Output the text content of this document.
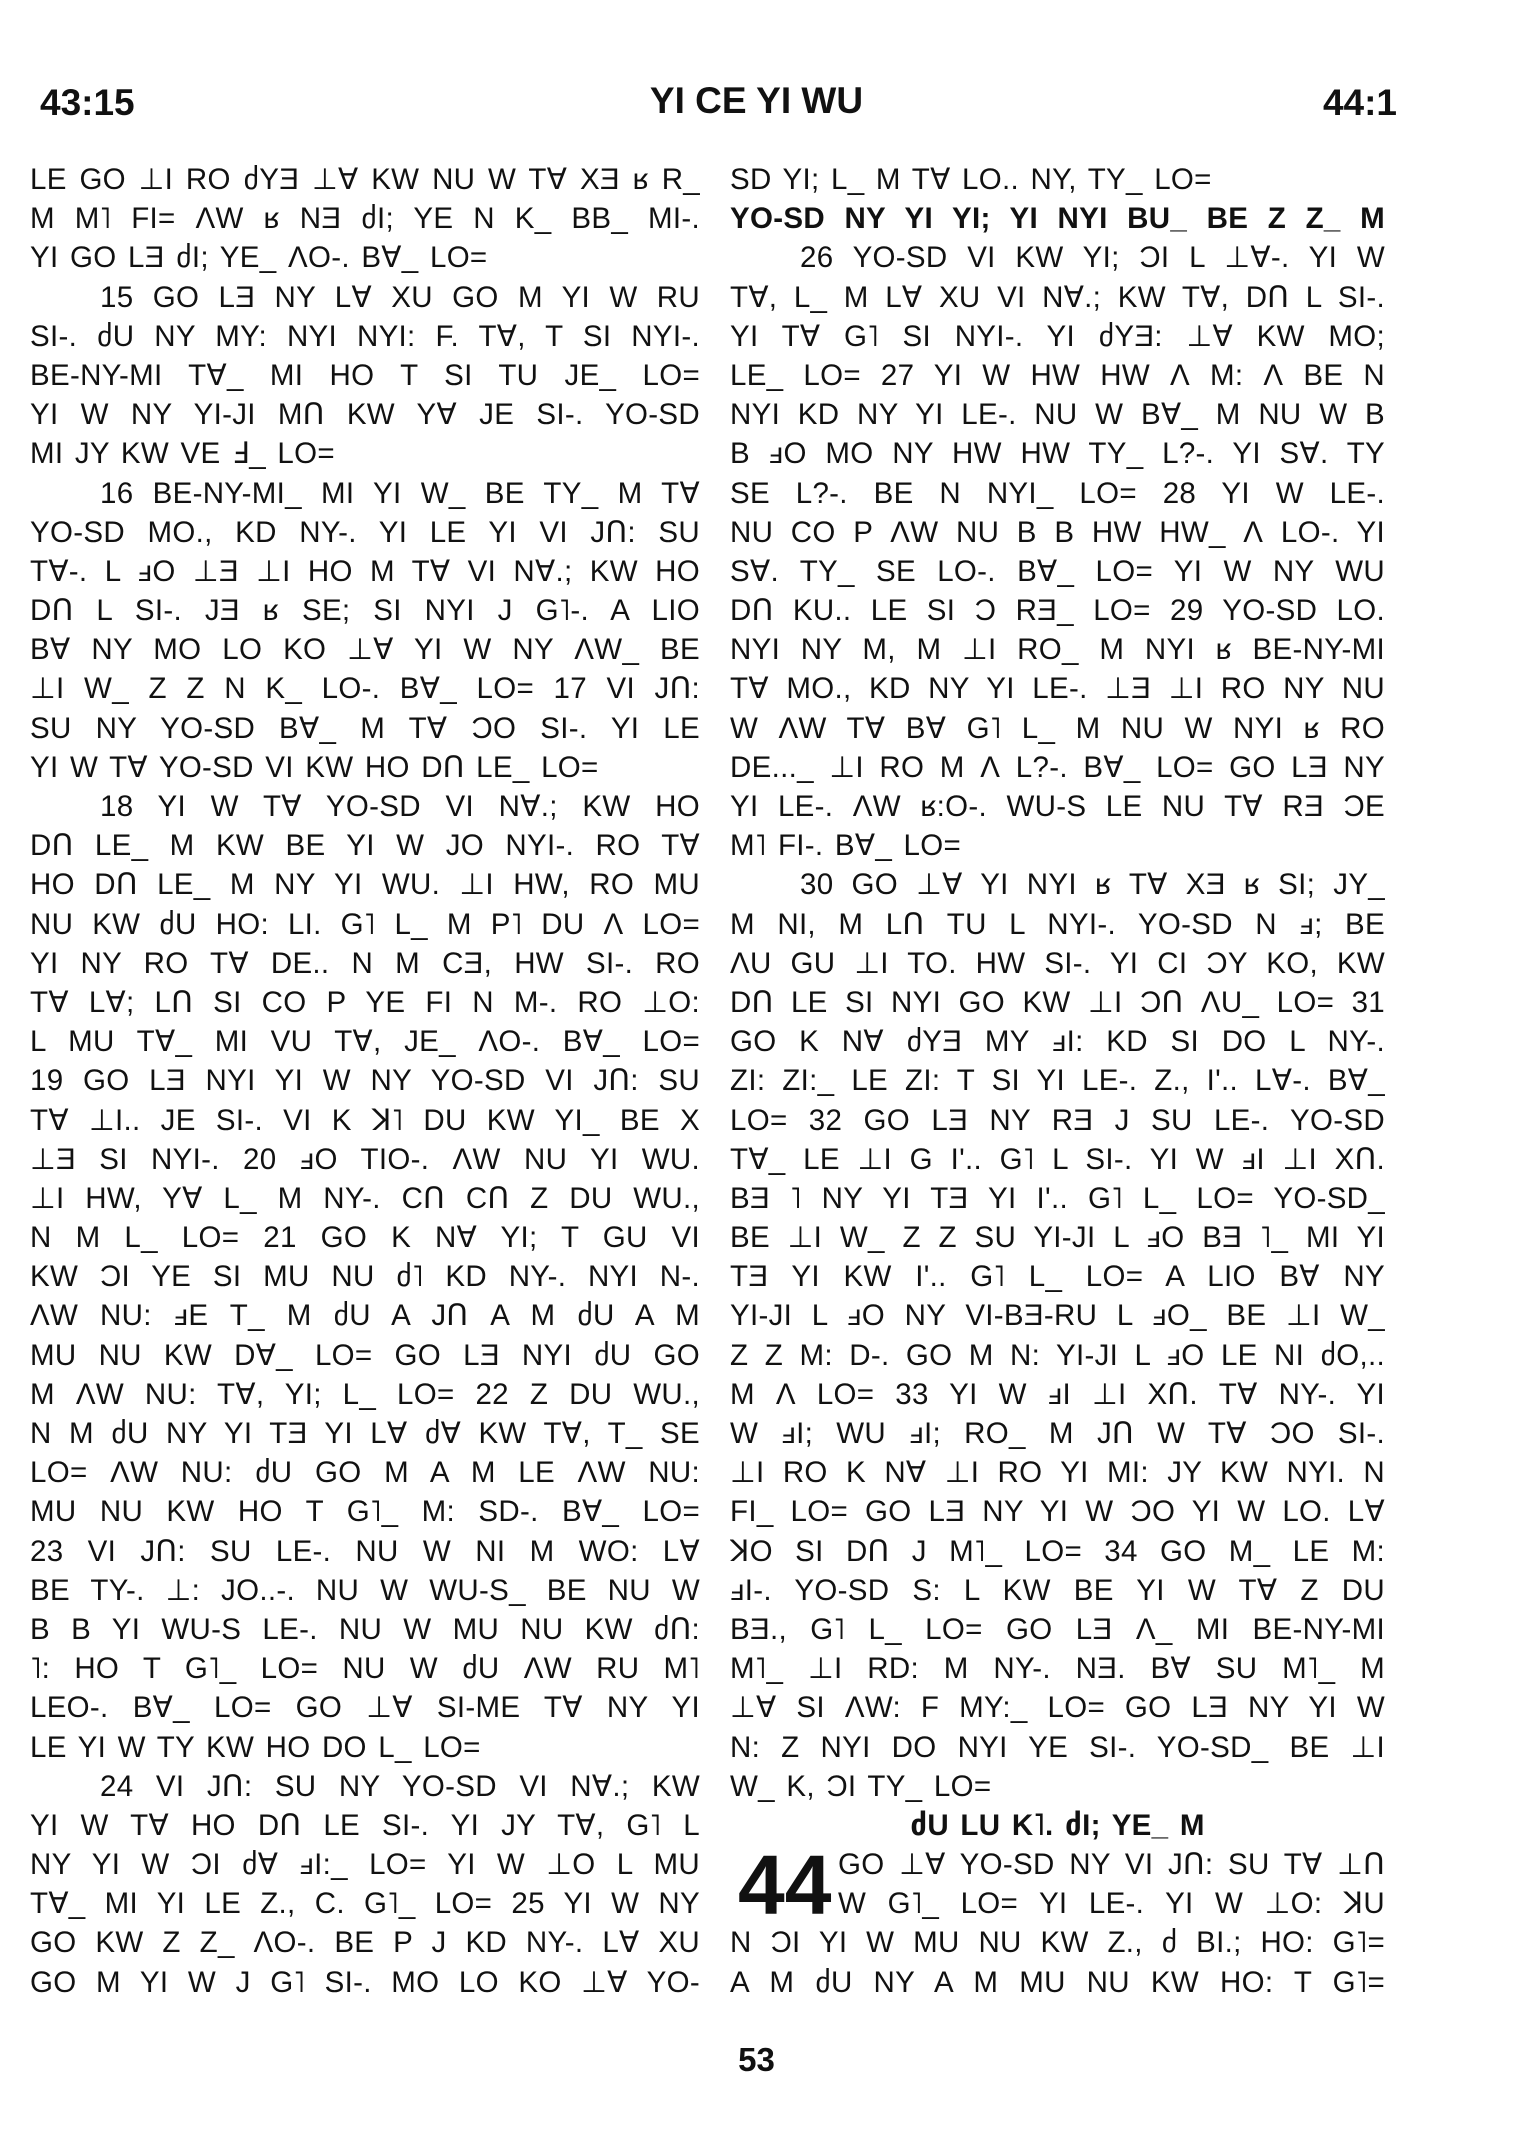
43:15	YI CE YI WU	44:1
LE GO ⊥I RO ძYƎ ⊥Ɐ KW NU W TⱯ XƎ ʁ R_
M M˥ FI= ɅW ʁ NƎ ძI; YE N K_ BB_ MI-.
YI GO LƎ ძI; YE_ ɅO-. BⱯ_ LO=
15 GO LƎ NY LⱯ XU GO M YI W RU
SI-. ძU NY MY: NYI NYI: F. TⱯ, T SI NYI-.
BE-NY-MI TⱯ_ MI HO T SI TU JE_ LO=
YI W NY YI-JI MՈ KW YⱯ JE SI-. YO-SD
MI JY KW VE Ⅎ_ LO=
16 BE-NY-MI_ MI YI W_ BE TY_ M TⱯ
YO-SD MO., KD NY-. YI LE YI VI JՈ: SU
TⱯ-. L ⅎO ⊥Ǝ ⊥I HO M TⱯ VI NⱯ.; KW HO
DՈ L SI-. JƎ ʁ SE; SI NYI J G˥-. A LIO
BⱯ NY MO LO KO ⊥Ɐ YI W NY ɅW_ BE
⊥I W_ Z Z N K_ LO-. BⱯ_ LO= 17 VI JՈ:
SU NY YO-SD BⱯ_ M TⱯ ƆO SI-. YI LE
YI W TⱯ YO-SD VI KW HO DՈ LE_ LO=
18 YI W TⱯ YO-SD VI NⱯ.; KW HO
DՈ LE_ M KW BE YI W JO NYI-. RO TⱯ
HO DՈ LE_ M NY YI WU. ⊥I HW, RO MU
NU KW ძU HO: LI. G˥ L_ M P˥ DU Ʌ LO=
YI NY RO TⱯ DE.. N M CƎ, HW SI-. RO
TⱯ LⱯ; LՈ SI CO P YE FI N M-. RO ⊥O:
L MU TⱯ_ MI VU TⱯ, JE_ ɅO-. BⱯ_ LO=
19 GO LƎ NYI YI W NY YO-SD VI JՈ: SU
TⱯ ⊥I.. JE SI-. VI K ꓘ˥ DU KW YI_ BE X
⊥Ǝ SI NYI-. 20 ⅎO TIO-. ɅW NU YI WU.
⊥I HW, YⱯ L_ M NY-. CՈ CՈ Z DU WU.,
N M L_ LO= 21 GO K NⱯ YI; T GU VI
KW ƆI YE SI MU NU ძ˥ KD NY-. NYI N-.
ɅW NU: ⅎE T_ M ძU A JՈ A M ძU A M
MU NU KW DⱯ_ LO= GO LƎ NYI ძU GO
M ɅW NU: TⱯ, YI; L_ LO= 22 Z DU WU.,
N M ძU NY YI TƎ YI LⱯ ძⱯ KW TⱯ, T_ SE
LO= ɅW NU: ძU GO M A M LE ɅW NU:
MU NU KW HO T G˥_ M: SD-. BⱯ_ LO=
23 VI JՈ: SU LE-. NU W NI M WO: LⱯ
BE TY-. ⊥: JO..-. NU W WU-S_ BE NU W
B B YI WU-S LE-. NU W MU NU KW ძՈ:
˥: HO T G˥_ LO= NU W ძU ɅW RU M˥
LEO-. BⱯ_ LO= GO ⊥Ɐ SI-ME TⱯ NY YI
LE YI W TY KW HO DO L_ LO=
24 VI JՈ: SU NY YO-SD VI NⱯ.; KW
YI W TⱯ HO DՈ LE SI-. YI JY TⱯ, G˥ L
NY YI W ƆI ძⱯ ⅎI:_ LO= YI W ⊥O L MU
TⱯ_ MI YI LE Z., C. G˥_ LO= 25 YI W NY
GO KW Z Z_ ɅO-. BE P J KD NY-. LⱯ XU
GO M YI W J G˥ SI-. MO LO KO ⊥Ɐ YO-
SD YI; L_ M TⱯ LO.. NY, TY_ LO=
YO-SD NY YI YI; YI NYI BU_ BE Z Z_ M
26 YO-SD VI KW YI; ƆI L ⊥Ɐ-. YI W
TⱯ, L_ M LⱯ XU VI NⱯ.; KW TⱯ, DՈ L SI-.
YI TⱯ G˥ SI NYI-. YI ძYƎ: ⊥Ɐ KW MO;
LE_ LO= 27 YI W HW HW Ʌ M: Ʌ BE N
NYI KD NY YI LE-. NU W BⱯ_ M NU W B
B ⅎO MO NY HW HW TY_ L?-. YI SⱯ. TY
SE L?-. BE N NYI_ LO= 28 YI W LE-.
NU CO P ɅW NU B B HW HW_ Ʌ LO-. YI
SⱯ. TY_ SE LO-. BⱯ_ LO= YI W NY WU
DՈ KU.. LE SI Ɔ RƎ_ LO= 29 YO-SD LO.
NYI NY M, M ⊥I RO_ M NYI ʁ BE-NY-MI
TⱯ MO., KD NY YI LE-. ⊥Ǝ ⊥I RO NY NU
W ɅW TⱯ BⱯ G˥ L_ M NU W NYI ʁ RO
DE..._ ⊥I RO M Ʌ L?-. BⱯ_ LO= GO LƎ NY
YI LE-. ɅW ʁ:O-. WU-S LE NU TⱯ RƎ ƆE
M˥ FI-. BⱯ_ LO=
30 GO ⊥Ɐ YI NYI ʁ TⱯ XƎ ʁ SI; JY_
M NI, M LՈ TU L NYI-. YO-SD N ⅎ; BE
ɅU GU ⊥I TO. HW SI-. YI CI ƆY KO, KW
DՈ LE SI NYI GO KW ⊥I ƆՈ ɅU_ LO= 31
GO K NⱯ ძYƎ MY ⅎI: KD SI DO L NY-.
ZI: ZI:_ LE ZI: T SI YI LE-. Z., I'.. LⱯ-. BⱯ_
LO= 32 GO LƎ NY RƎ J SU LE-. YO-SD
TⱯ_ LE ⊥I G I'.. G˥ L SI-. YI W ⅎI ⊥I XՈ.
BƎ ˥ NY YI TƎ YI I'.. G˥ L_ LO= YO-SD_
BE ⊥I W_ Z Z SU YI-JI L ⅎO BƎ ˥_ MI YI
TƎ YI KW I'.. G˥ L_ LO= A LIO BⱯ NY
YI-JI L ⅎO NY VI-BƎ-RU L ⅎO_ BE ⊥I W_
Z Z M: D-. GO M N: YI-JI L ⅎO LE NI ძO,..
M Ʌ LO= 33 YI W ⅎI ⊥I XՈ. TⱯ NY-. YI
W ⅎI; WU ⅎI; RO_ M JՈ W TⱯ ƆO SI-.
⊥I RO K NⱯ ⊥I RO YI MI: JY KW NYI. N
FI_ LO= GO LƎ NY YI W ƆO YI W LO. LⱯ
ꓘO SI DՈ J M˥_ LO= 34 GO M_ LE M:
ⅎI-. YO-SD S: L KW BE YI W TⱯ Z DU
BƎ., G˥ L_ LO= GO LƎ Ʌ_ MI BE-NY-MI
M˥_ ⊥I RD: M NY-. NƎ. BⱯ SU M˥_ M
⊥Ɐ SI ɅW: F MY:_ LO= GO LƎ NY YI W
N: Z NYI DO NYI YE SI-. YO-SD_ BE ⊥I
W_ K, ƆI TY_ LO=
ძU LU K˥. ძI; YE_ M
GO ⊥Ɐ YO-SD NY VI JՈ: SU TⱯ ⊥Ո
W G˥_ LO= YI LE-. YI W ⊥O: ꓘU
N ƆI YI W MU NU KW Z., ძ BI.; HO: G˥=
A M ძU NY A M MU NU KW HO: T G˥=
44
53
